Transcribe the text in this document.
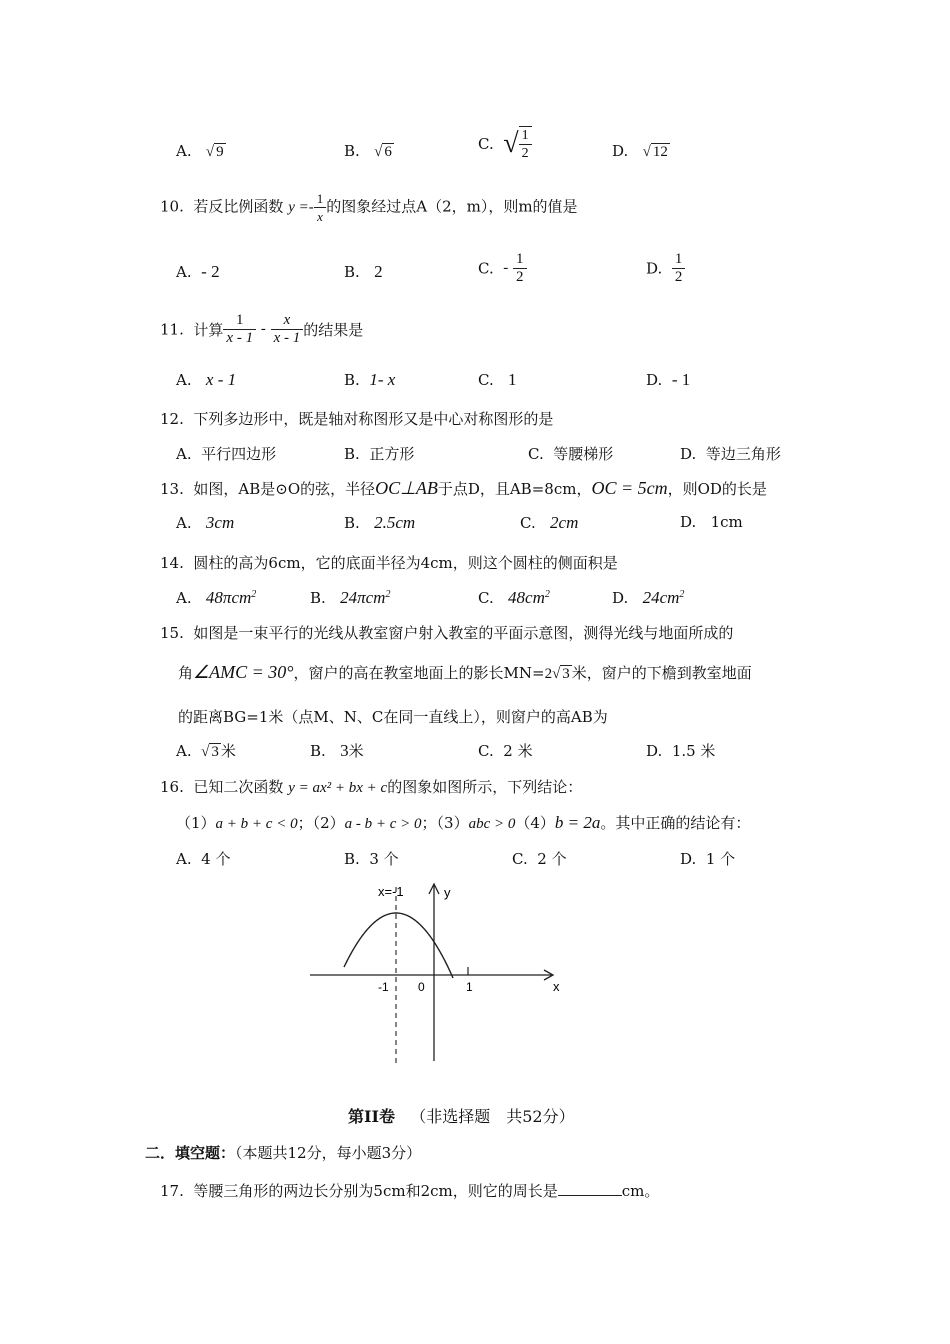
A. √ 9	B. √ 6	C. √ $\frac{1}{2}$	D. √ 12
10. 若反比例函数 $y =- \frac{1}{x}$ 的图象经过点A（2，m），则m的值是
A. - 2	B. 2	C. - $\frac{1}{2}$	D. $\frac{1}{2}$
11. 计算 $\frac{1}{x - 1} - \frac{x}{x - 1}$ 的结果是
A. x - 1	B. 1- x	C. 1	D. - 1
12. 下列多边形中，既是轴对称图形又是中心对称图形的是
A. 平行四边形	B. 正方形	C. 等腰梯形	D. 等边三角形
13. 如图，AB是⊙O的弦，半径OC⊥AB于点D，且AB=8cm，OC = 5cm，则OD的长是
A. 3cm	B. 2.5cm	C. 2cm	D. 1cm
14. 圆柱的高为6cm，它的底面半径为4cm，则这个圆柱的侧面积是
A. 48πcm$^2$	B. 24πcm$^2$	C. $48cm^2$	D. $24cm^2$
15. 如图是一束平行的光线从教室窗户射入教室的平面示意图，测得光线与地面所成的
角∠AMC = 30°，窗户的高在教室地面上的影长MN=2√ 3 米，窗户的下檐到教室地面
的距离BG=1米（点M、N、C在同一直线上），则窗户的高AB为
A. √ 3 米	B. 3米	C. 2 米	D. 1.5 米
16. 已知二次函数 y = ax² + bx + c的图象如图所示，下列结论：
（1）a + b + c < 0；（2）a - b + c > 0；（3）abc > 0（4）b = 2a。其中正确的结论有：
A. 4 个	B. 3 个	C. 2 个	D. 1 个
x=-1	y
x
-1 0	1
第II卷 （非选择题　共52分）
二．填空题：（本题共12分，每小题3分）
17. 等腰三角形的两边长分别为5cm和2cm，则它的周长是	cm。
